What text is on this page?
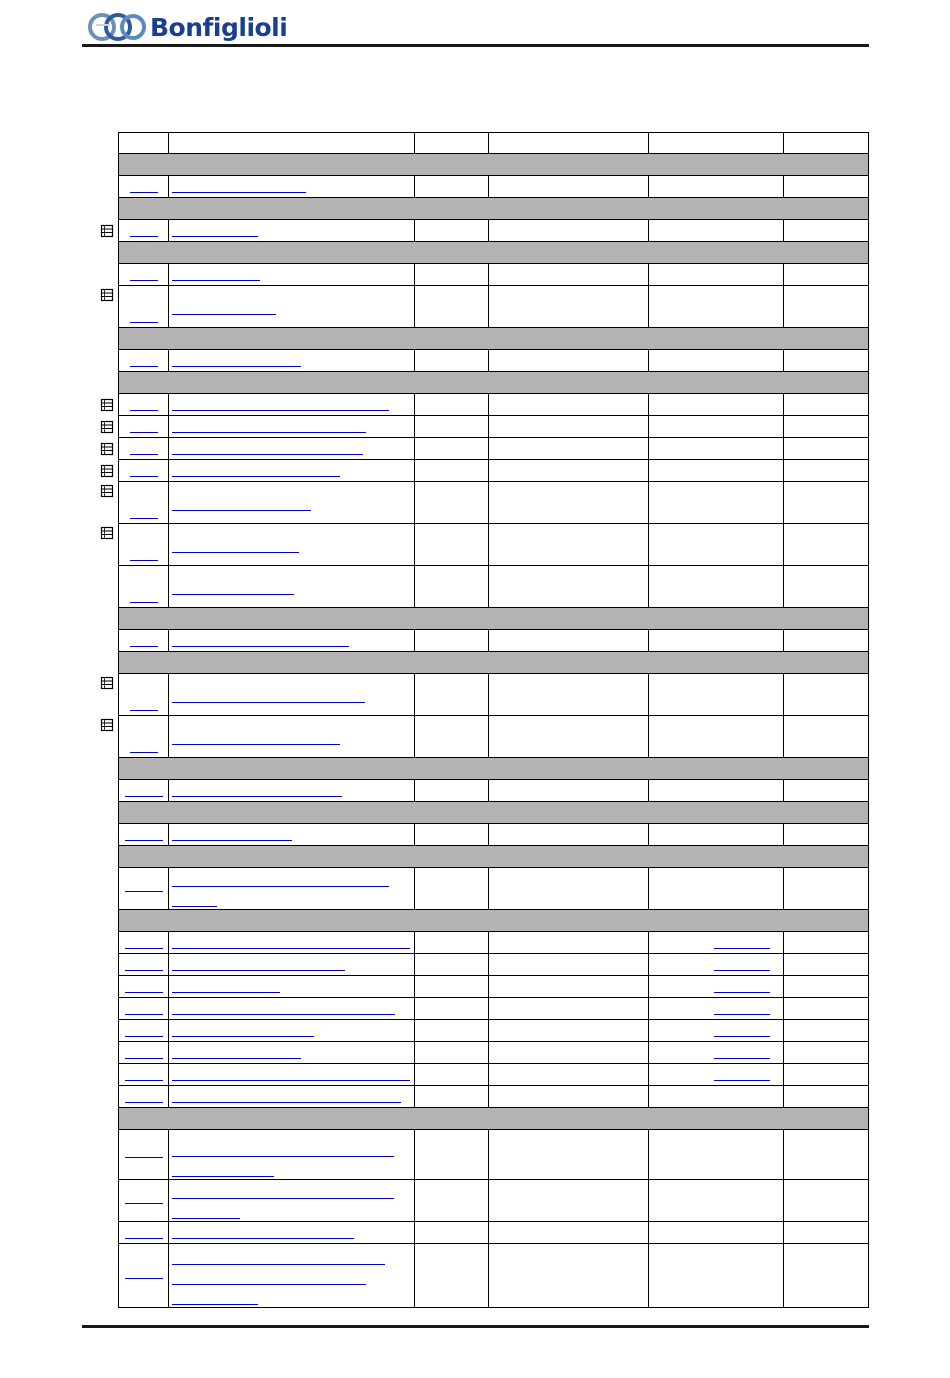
Bonfiglioli
